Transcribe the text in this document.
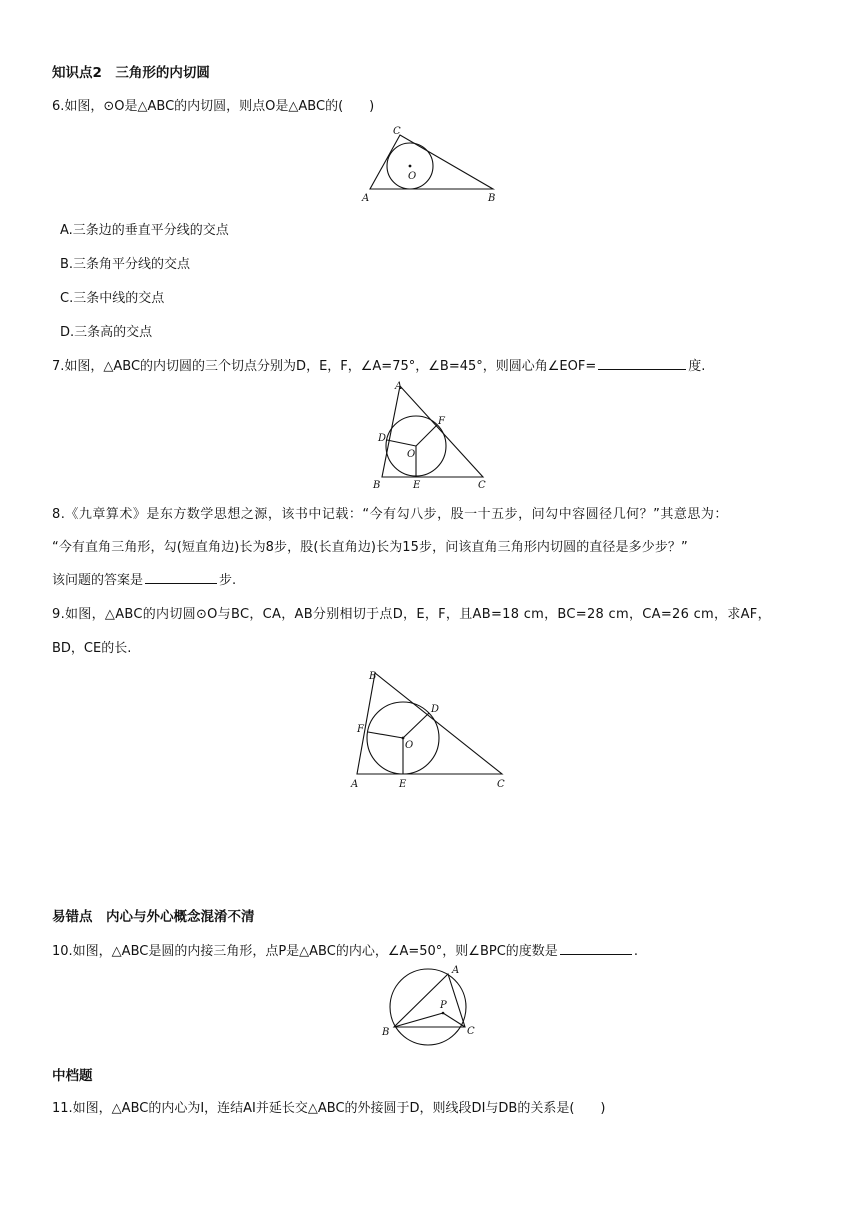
知识点2　三角形的内切圆
6.如图，⊙O是△ABC的内切圆，则点O是△ABC的(　　)
A	B
C
O
A.三条边的垂直平分线的交点
B.三条角平分线的交点
C.三条中线的交点
D.三条高的交点
7.如图，△ABC的内切圆的三个切点分别为D，E，F，∠A=75°，∠B=45°，则圆心角∠EOF=	度.
A
B	C
D
E
F
O
8.《九章算术》是东方数学思想之源，该书中记载：“今有勾八步，股一十五步，问勾中容圆径几何？”其意思为：
“今有直角三角形，勾(短直角边)长为8步，股(长直角边)长为15步，问该直角三角形内切圆的直径是多少步？”
该问题的答案是	步.
9.如图，△ABC的内切圆⊙O与BC，CA，AB分别相切于点D，E，F，且AB=18 cm，BC=28 cm，CA=26 cm，求AF，
BD，CE的长.
B
A	C
D
E
F
O
易错点　内心与外心概念混淆不清
10.如图，△ABC是圆的内接三角形，点P是△ABC的内心，∠A=50°，则∠BPC的度数是	.
A
B	C
P
中档题
11.如图，△ABC的内心为I，连结AI并延长交△ABC的外接圆于D，则线段DI与DB的关系是(　　)
